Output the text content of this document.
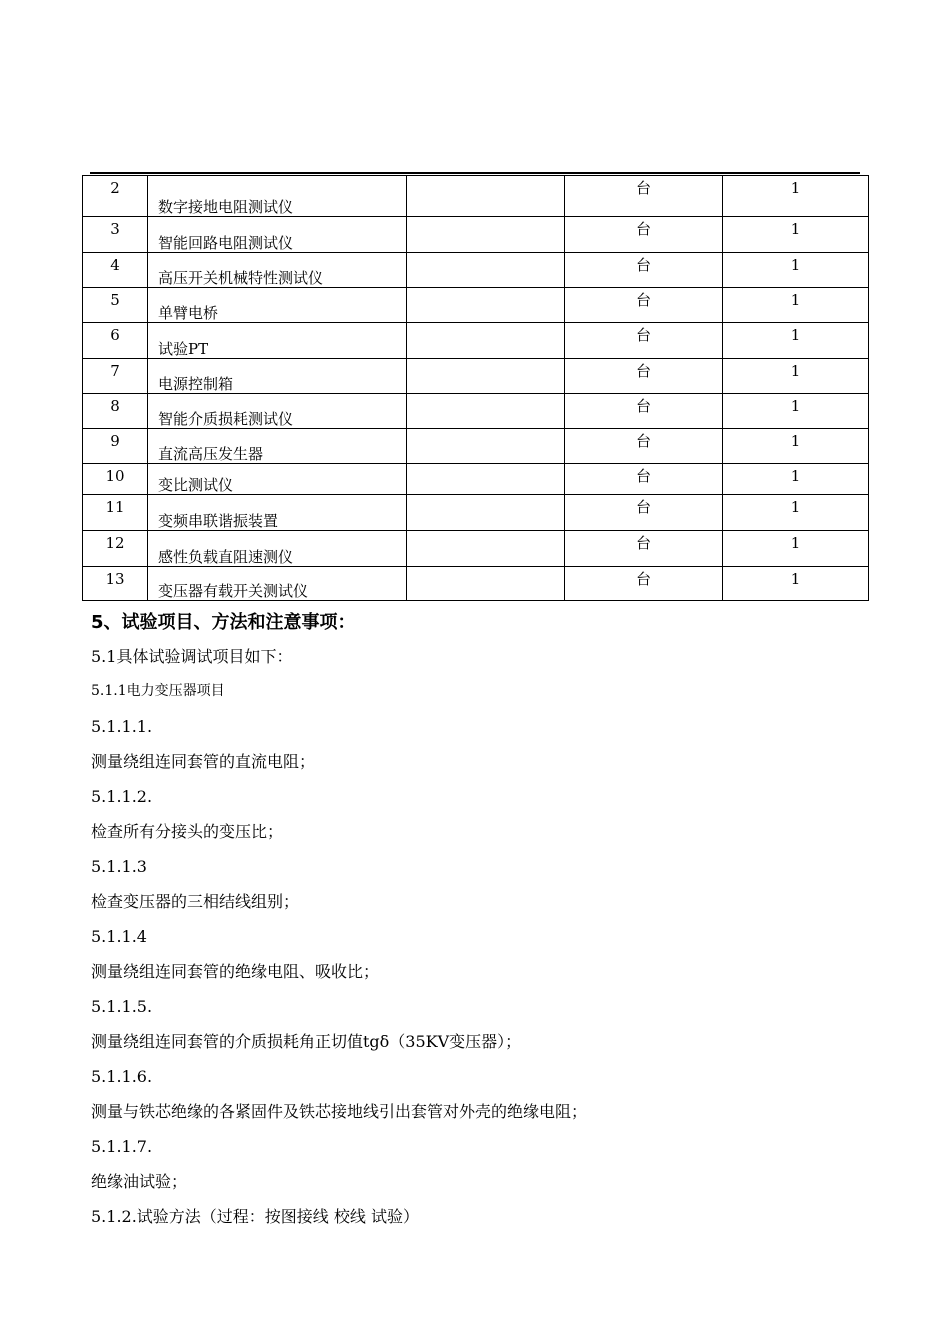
2	数字接地电阻测试仪		台	1
3	智能回路电阻测试仪		台	1
4	高压开关机械特性测试仪		台	1
5	单臂电桥		台	1
6	试验PT		台	1
7	电源控制箱		台	1
8	智能介质损耗测试仪		台	1
9	直流高压发生器		台	1
10	变比测试仪		台	1
11	变频串联谐振装置		台	1
12	感性负载直阻速测仪		台	1
13	变压器有载开关测试仪		台	1
5、试验项目、方法和注意事项：
5.1具体试验调试项目如下：
5.1.1电力变压器项目
5.1.1.1.
测量绕组连同套管的直流电阻；
5.1.1.2.
检查所有分接头的变压比；
5.1.1.3
检查变压器的三相结线组别；
5.1.1.4
测量绕组连同套管的绝缘电阻、吸收比；
5.1.1.5.
测量绕组连同套管的介质损耗角正切值tgδ（35KV变压器）；
5.1.1.6.
测量与铁芯绝缘的各紧固件及铁芯接地线引出套管对外壳的绝缘电阻；
5.1.1.7.
绝缘油试验；
5.1.2.试验方法（过程：按图接线 校线 试验）
